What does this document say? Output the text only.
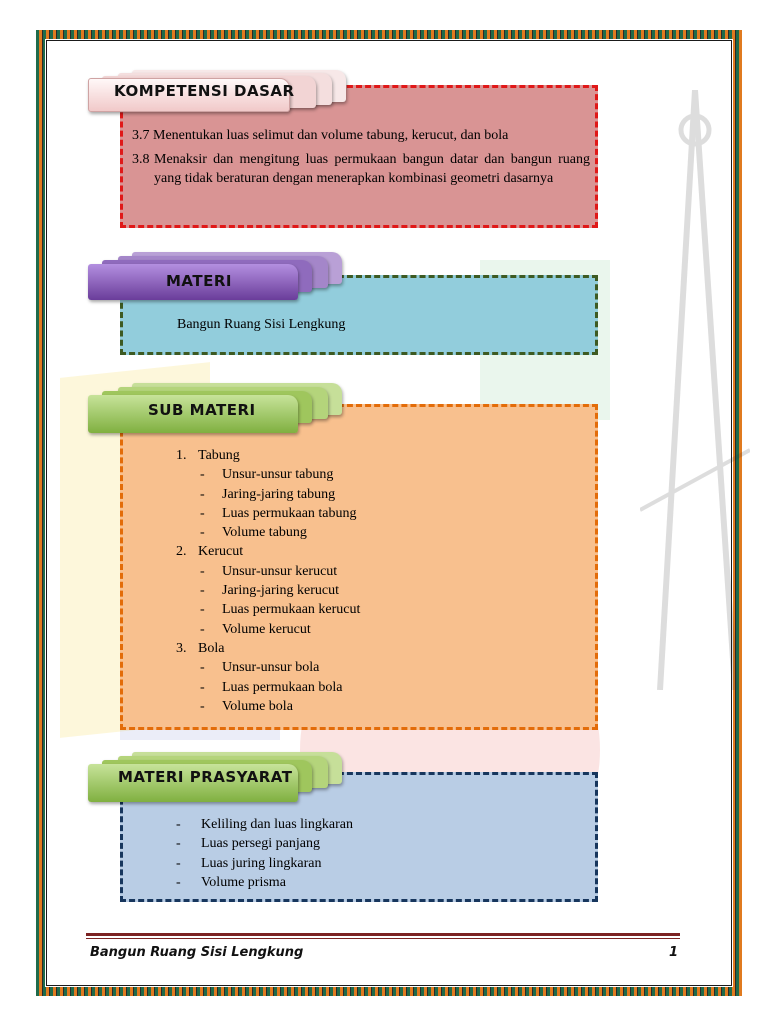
KOMPETENSI DASAR
3.7 Menentukan luas selimut dan volume tabung, kerucut, dan bola
3.8 Menaksir dan mengitung luas permukaan bangun datar dan bangun ruang yang tidak beraturan dengan menerapkan kombinasi geometri dasarnya
MATERI
Bangun Ruang Sisi Lengkung
SUB MATERI
1. Tabung
- Unsur-unsur tabung
- Jaring-jaring tabung
- Luas permukaan tabung
- Volume tabung
2. Kerucut
- Unsur-unsur kerucut
- Jaring-jaring kerucut
- Luas permukaan kerucut
- Volume kerucut
3. Bola
- Unsur-unsur bola
- Luas permukaan bola
- Volume bola
MATERI PRASYARAT
- Keliling dan luas lingkaran
- Luas persegi panjang
- Luas juring lingkaran
- Volume prisma
Bangun Ruang Sisi Lengkung	1
